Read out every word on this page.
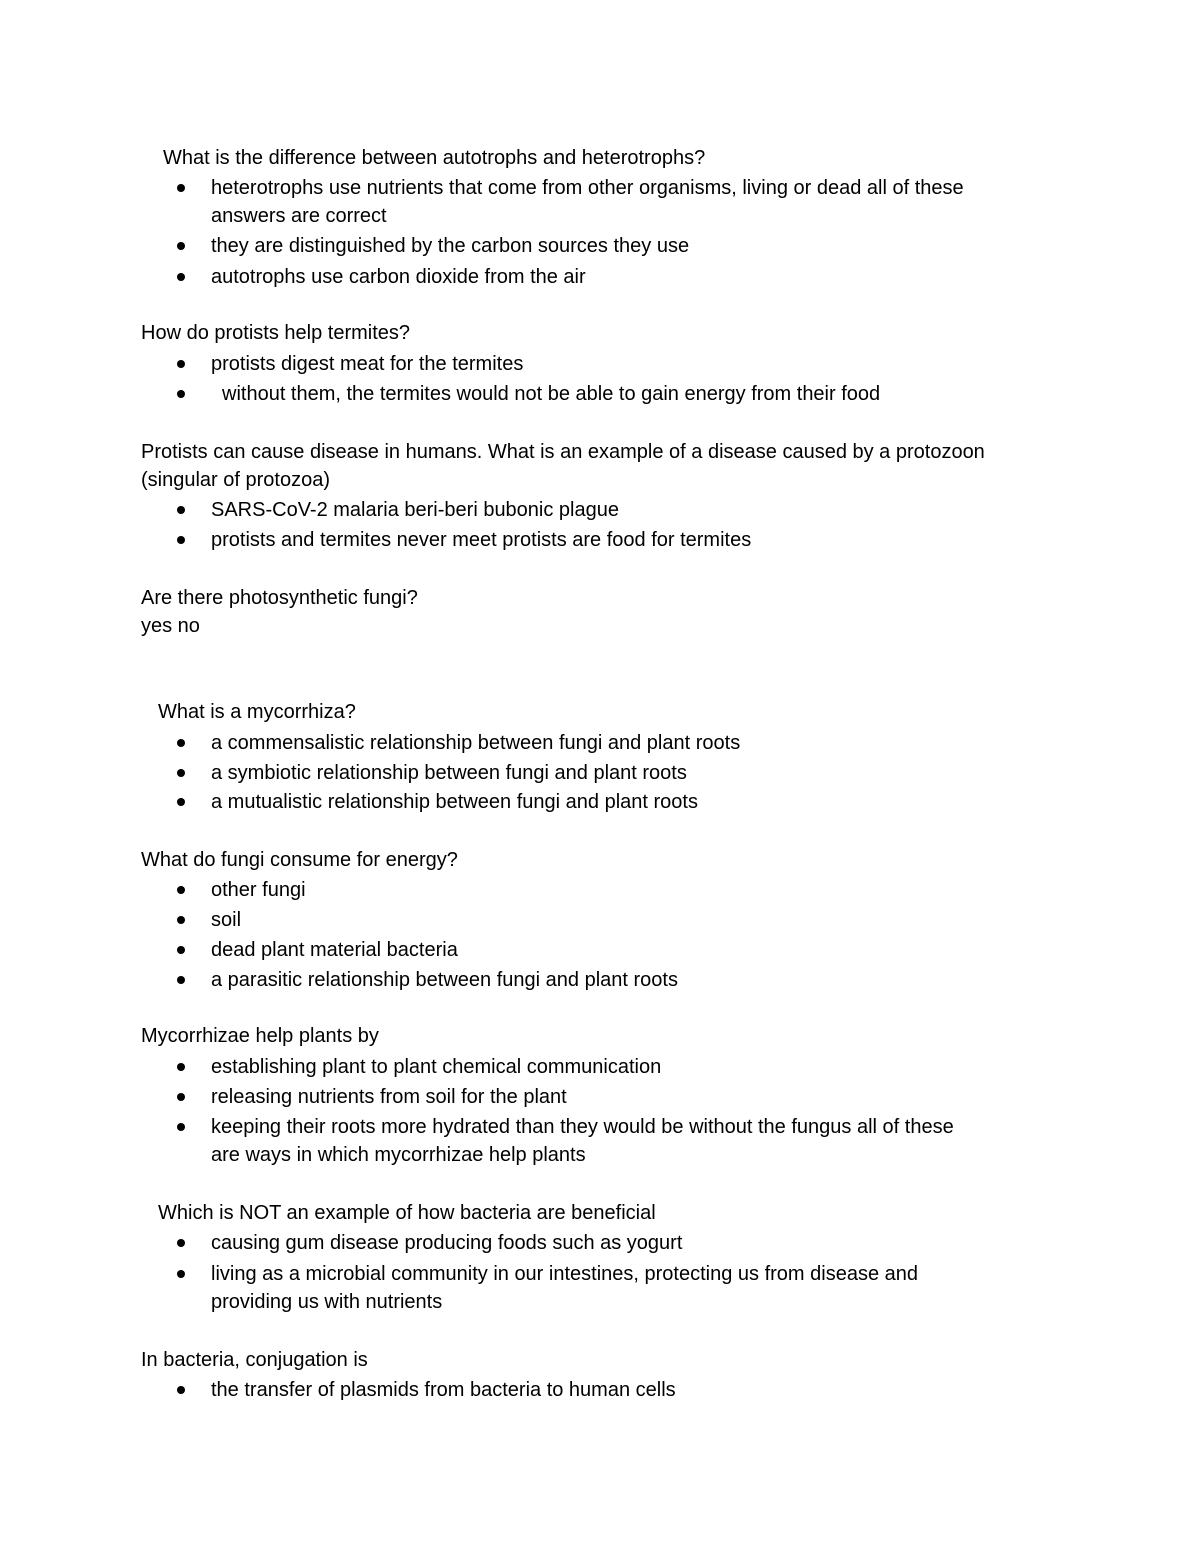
What is the difference between autotrophs and heterotrophs?
heterotrophs use nutrients that come from other organisms, living or dead all of these
answers are correct
they are distinguished by the carbon sources they use
autotrophs use carbon dioxide from the air
How do protists help termites?
protists digest meat for the termites
without them, the termites would not be able to gain energy from their food
Protists can cause disease in humans. What is an example of a disease caused by a protozoon
(singular of protozoa)
SARS-CoV-2 malaria beri-beri bubonic plague
protists and termites never meet protists are food for termites
Are there photosynthetic fungi?
yes no
What is a mycorrhiza?
a commensalistic relationship between fungi and plant roots
a symbiotic relationship between fungi and plant roots
a mutualistic relationship between fungi and plant roots
What do fungi consume for energy?
other fungi
soil
dead plant material bacteria
a parasitic relationship between fungi and plant roots
Mycorrhizae help plants by
establishing plant to plant chemical communication
releasing nutrients from soil for the plant
keeping their roots more hydrated than they would be without the fungus all of these
are ways in which mycorrhizae help plants
Which is NOT an example of how bacteria are beneficial
causing gum disease producing foods such as yogurt
living as a microbial community in our intestines, protecting us from disease and
providing us with nutrients
In bacteria, conjugation is
the transfer of plasmids from bacteria to human cells
